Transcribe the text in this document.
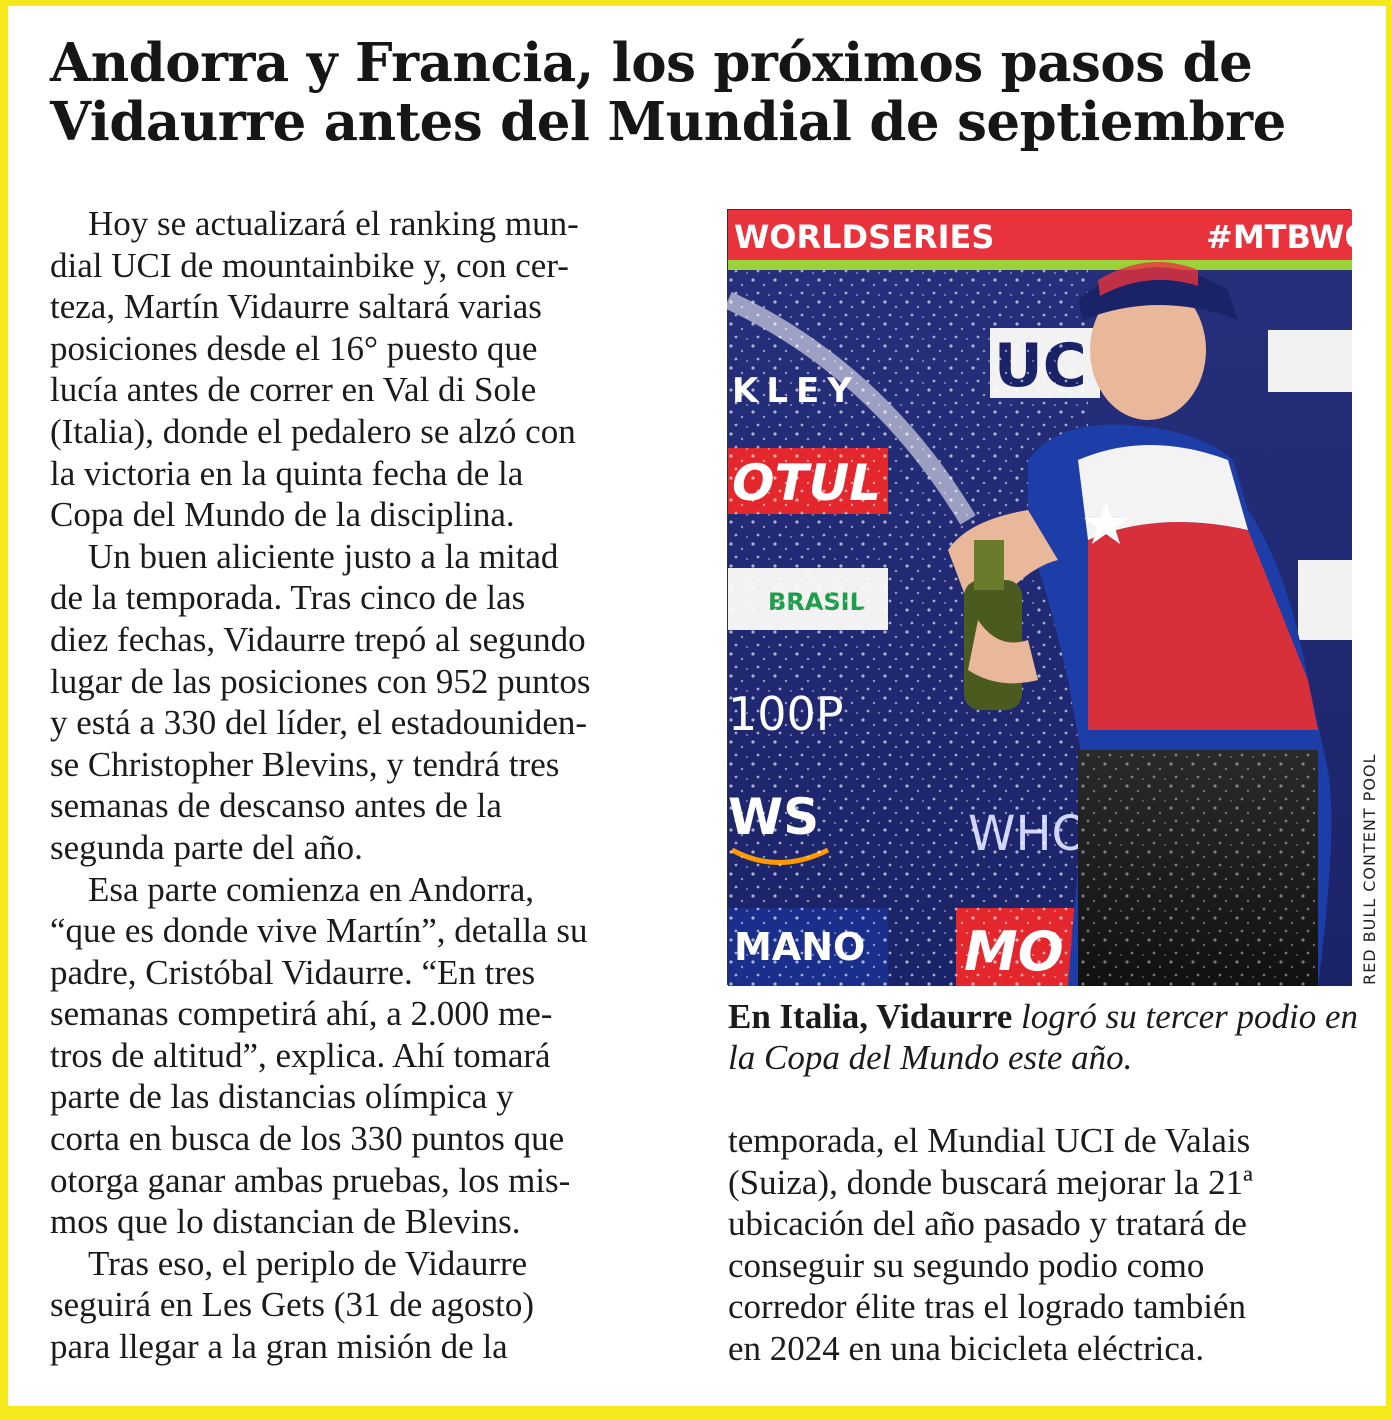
Andorra y Francia, los próximos pasos de
Vidaurre antes del Mundial de septiembre
Hoy se actualizará el ranking mun-
dial UCI de mountainbike y, con cer-
teza, Martín Vidaurre saltará varias
posiciones desde el 16° puesto que
lucía antes de correr en Val di Sole
(Italia), donde el pedalero se alzó con
la victoria en la quinta fecha de la
Copa del Mundo de la disciplina.
Un buen aliciente justo a la mitad
de la temporada. Tras cinco de las
diez fechas, Vidaurre trepó al segundo
lugar de las posiciones con 952 puntos
y está a 330 del líder, el estadouniden-
se Christopher Blevins, y tendrá tres
semanas de descanso antes de la
segunda parte del año.
Esa parte comienza en Andorra,
“que es donde vive Martín”, detalla su
padre, Cristóbal Vidaurre. “En tres
semanas competirá ahí, a 2.000 me-
tros de altitud”, explica. Ahí tomará
parte de las distancias olímpica y
corta en busca de los 330 puntos que
otorga ganar ambas pruebas, los mis-
mos que lo distancian de Blevins.
Tras eso, el periplo de Vidaurre
seguirá en Les Gets (31 de agosto)
para llegar a la gran misión de la
WORLDSERIES	#MTBWO
RED BULL CONTENT POOL
En Italia, Vidaurre logró su tercer podio en la Copa del Mundo este año.
temporada, el Mundial UCI de Valais
(Suiza), donde buscará mejorar la 21ª
ubicación del año pasado y tratará de
conseguir su segundo podio como
corredor élite tras el logrado también
en 2024 en una bicicleta eléctrica.
